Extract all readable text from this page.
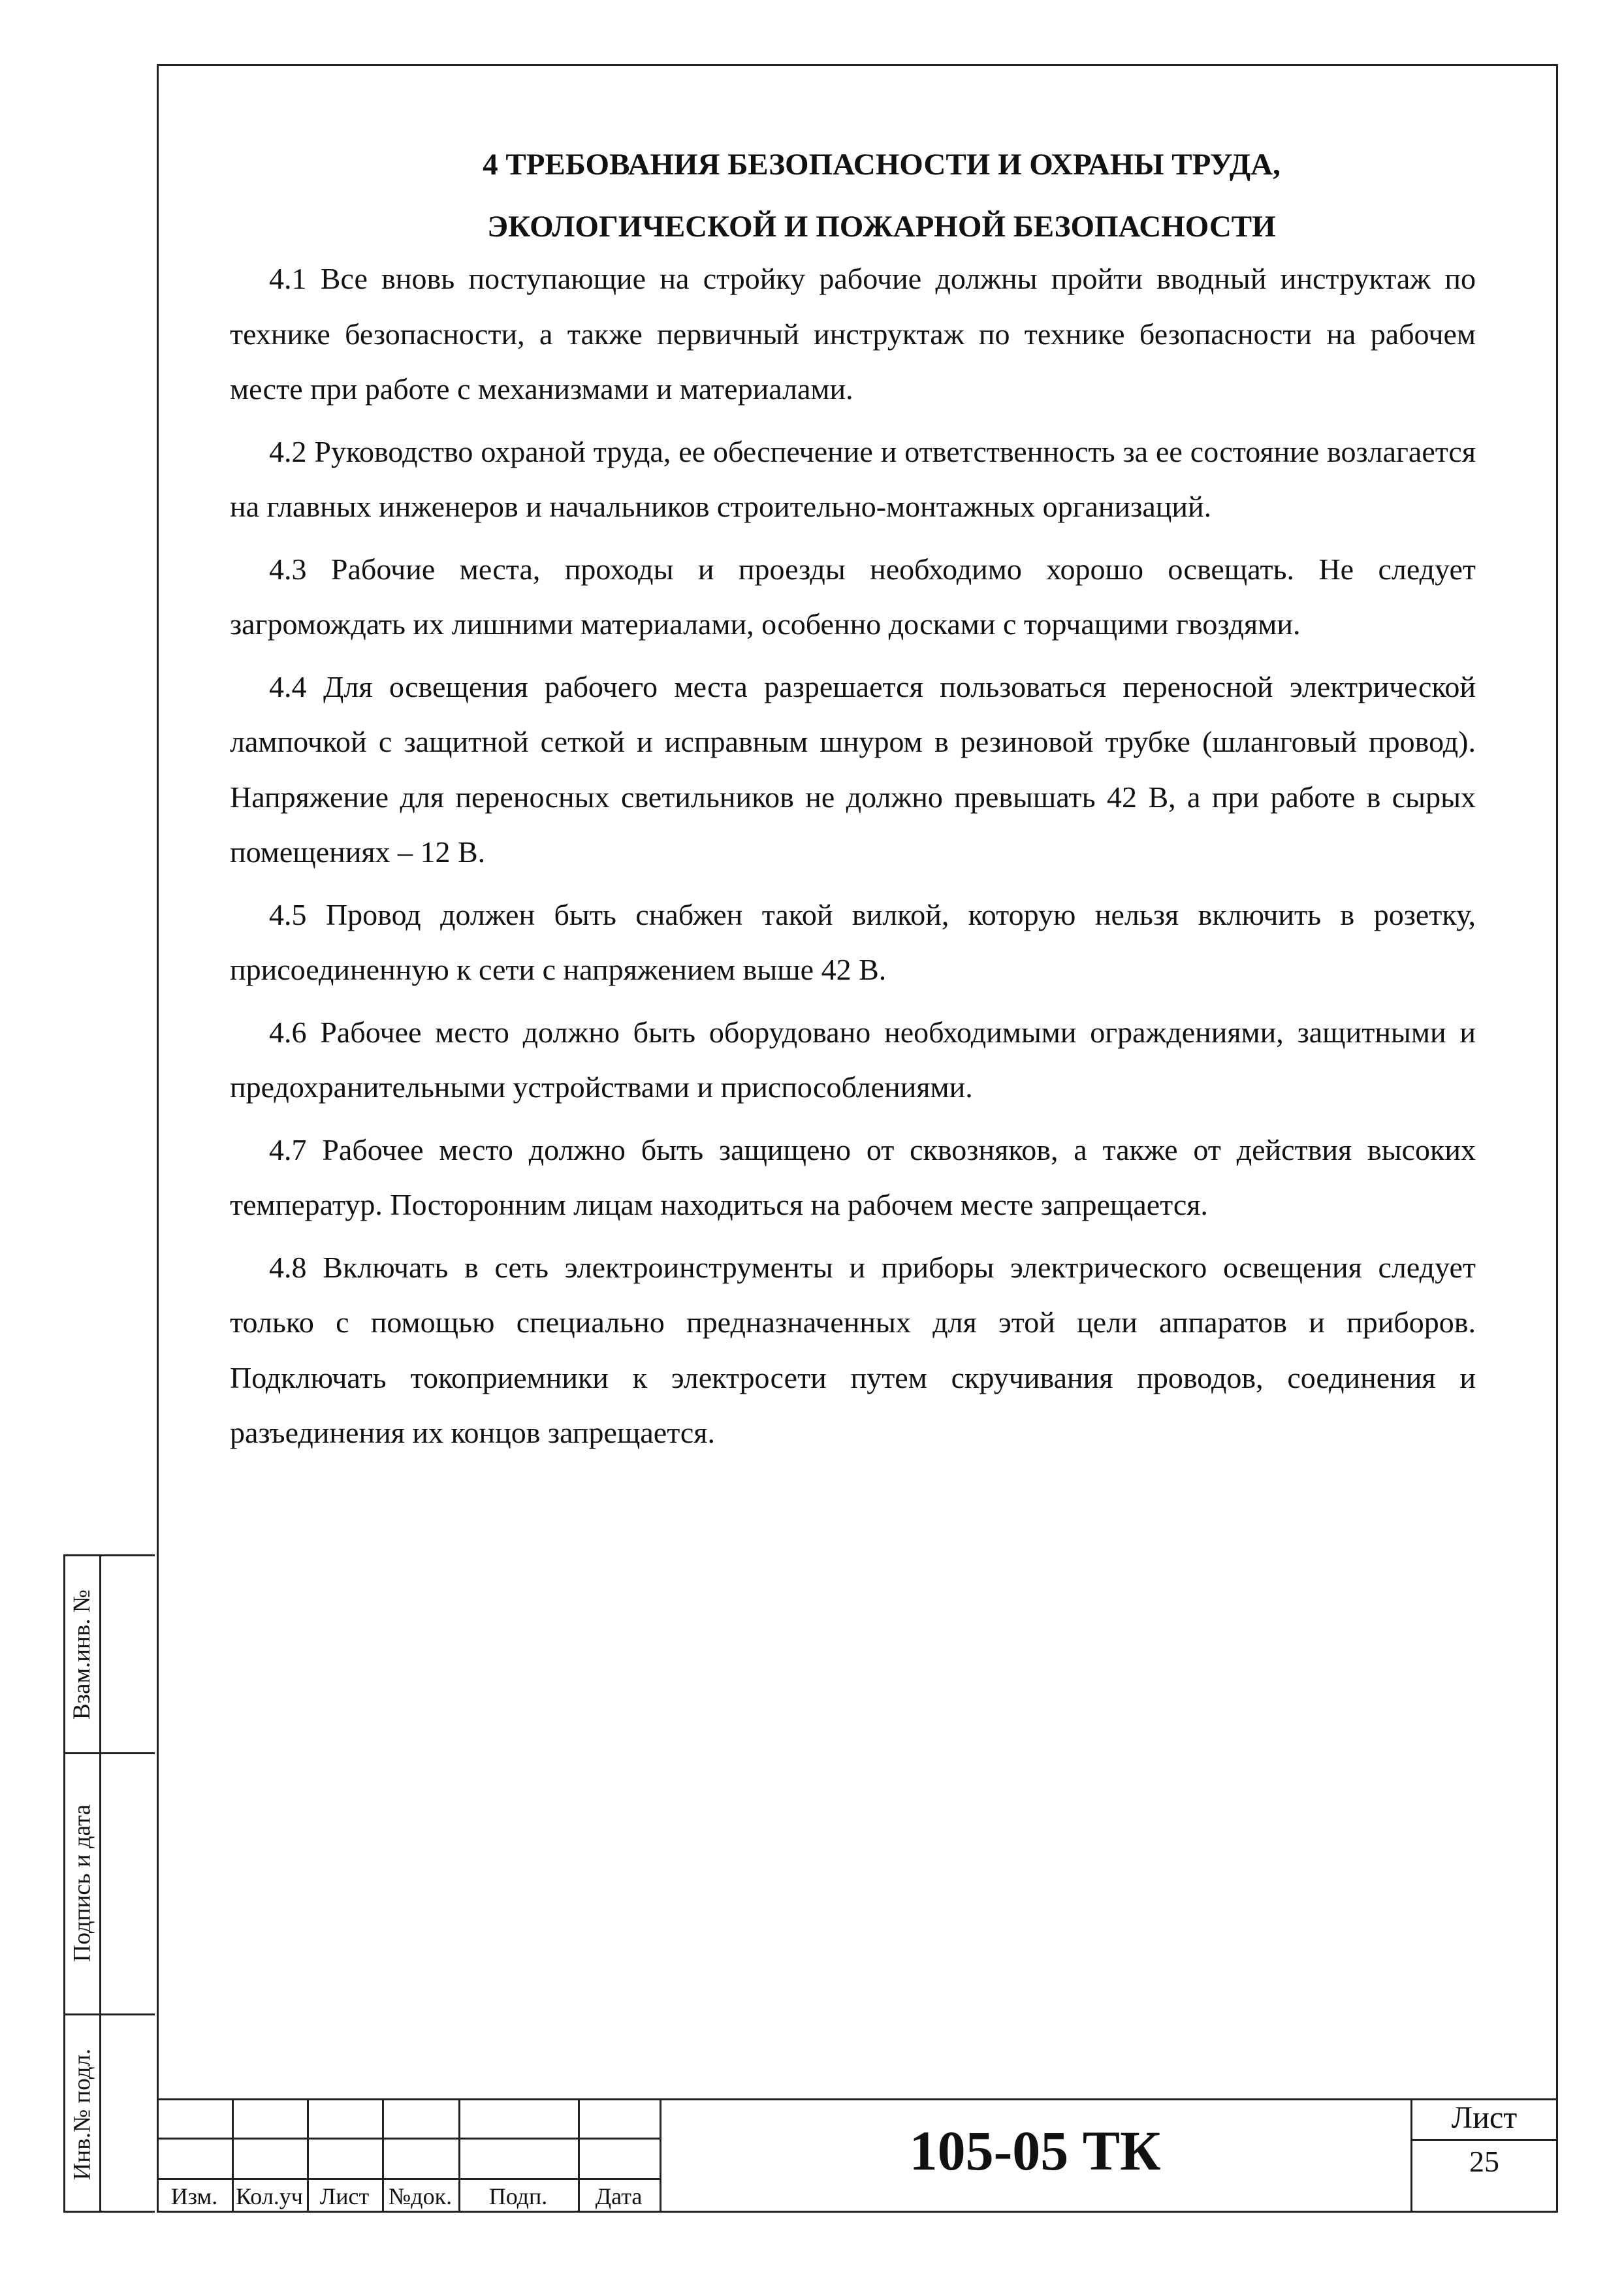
4 ТРЕБОВАНИЯ БЕЗОПАСНОСТИ И ОХРАНЫ ТРУДА,
ЭКОЛОГИЧЕСКОЙ И ПОЖАРНОЙ БЕЗОПАСНОСТИ

4.1 Все вновь поступающие на стройку рабочие должны пройти вводный инструктаж по технике безопасности, а также первичный инструктаж по технике безопасности на рабочем месте при работе с механизмами и материалами.

4.2 Руководство охраной труда, ее обеспечение и ответственность за ее состояние возлагается на главных инженеров и начальников строительно-монтажных организаций.

4.3 Рабочие места, проходы и проезды необходимо хорошо освещать. Не следует загромождать их лишними материалами, особенно досками с торчащими гвоздями.

4.4 Для освещения рабочего места разрешается пользоваться переносной электрической лампочкой с защитной сеткой и исправным шнуром в резиновой трубке (шланговый провод). Напряжение для переносных светильников не должно превышать 42 В, а при работе в сырых помещениях – 12 В.

4.5 Провод должен быть снабжен такой вилкой, которую нельзя включить в розетку, присоединенную к сети с напряжением выше 42 В.

4.6 Рабочее место должно быть оборудовано необходимыми ограждениями, защитными и предохранительными устройствами и приспособлениями.

4.7 Рабочее место должно быть защищено от сквозняков, а также от действия высоких температур. Посторонним лицам находиться на рабочем месте запрещается.

4.8 Включать в сеть электроинструменты и приборы электрического освещения следует только с помощью специально предназначенных для этой цели аппаратов и приборов. Подключать токоприемники к электросети путем скручивания проводов, соединения и разъединения их концов запрещается.

Взам.инв. №
Подпись и дата
Инв.№ подл.
Изм. Кол.уч Лист №док.	Подп.	Дата
105-05 ТК
Лист
25
